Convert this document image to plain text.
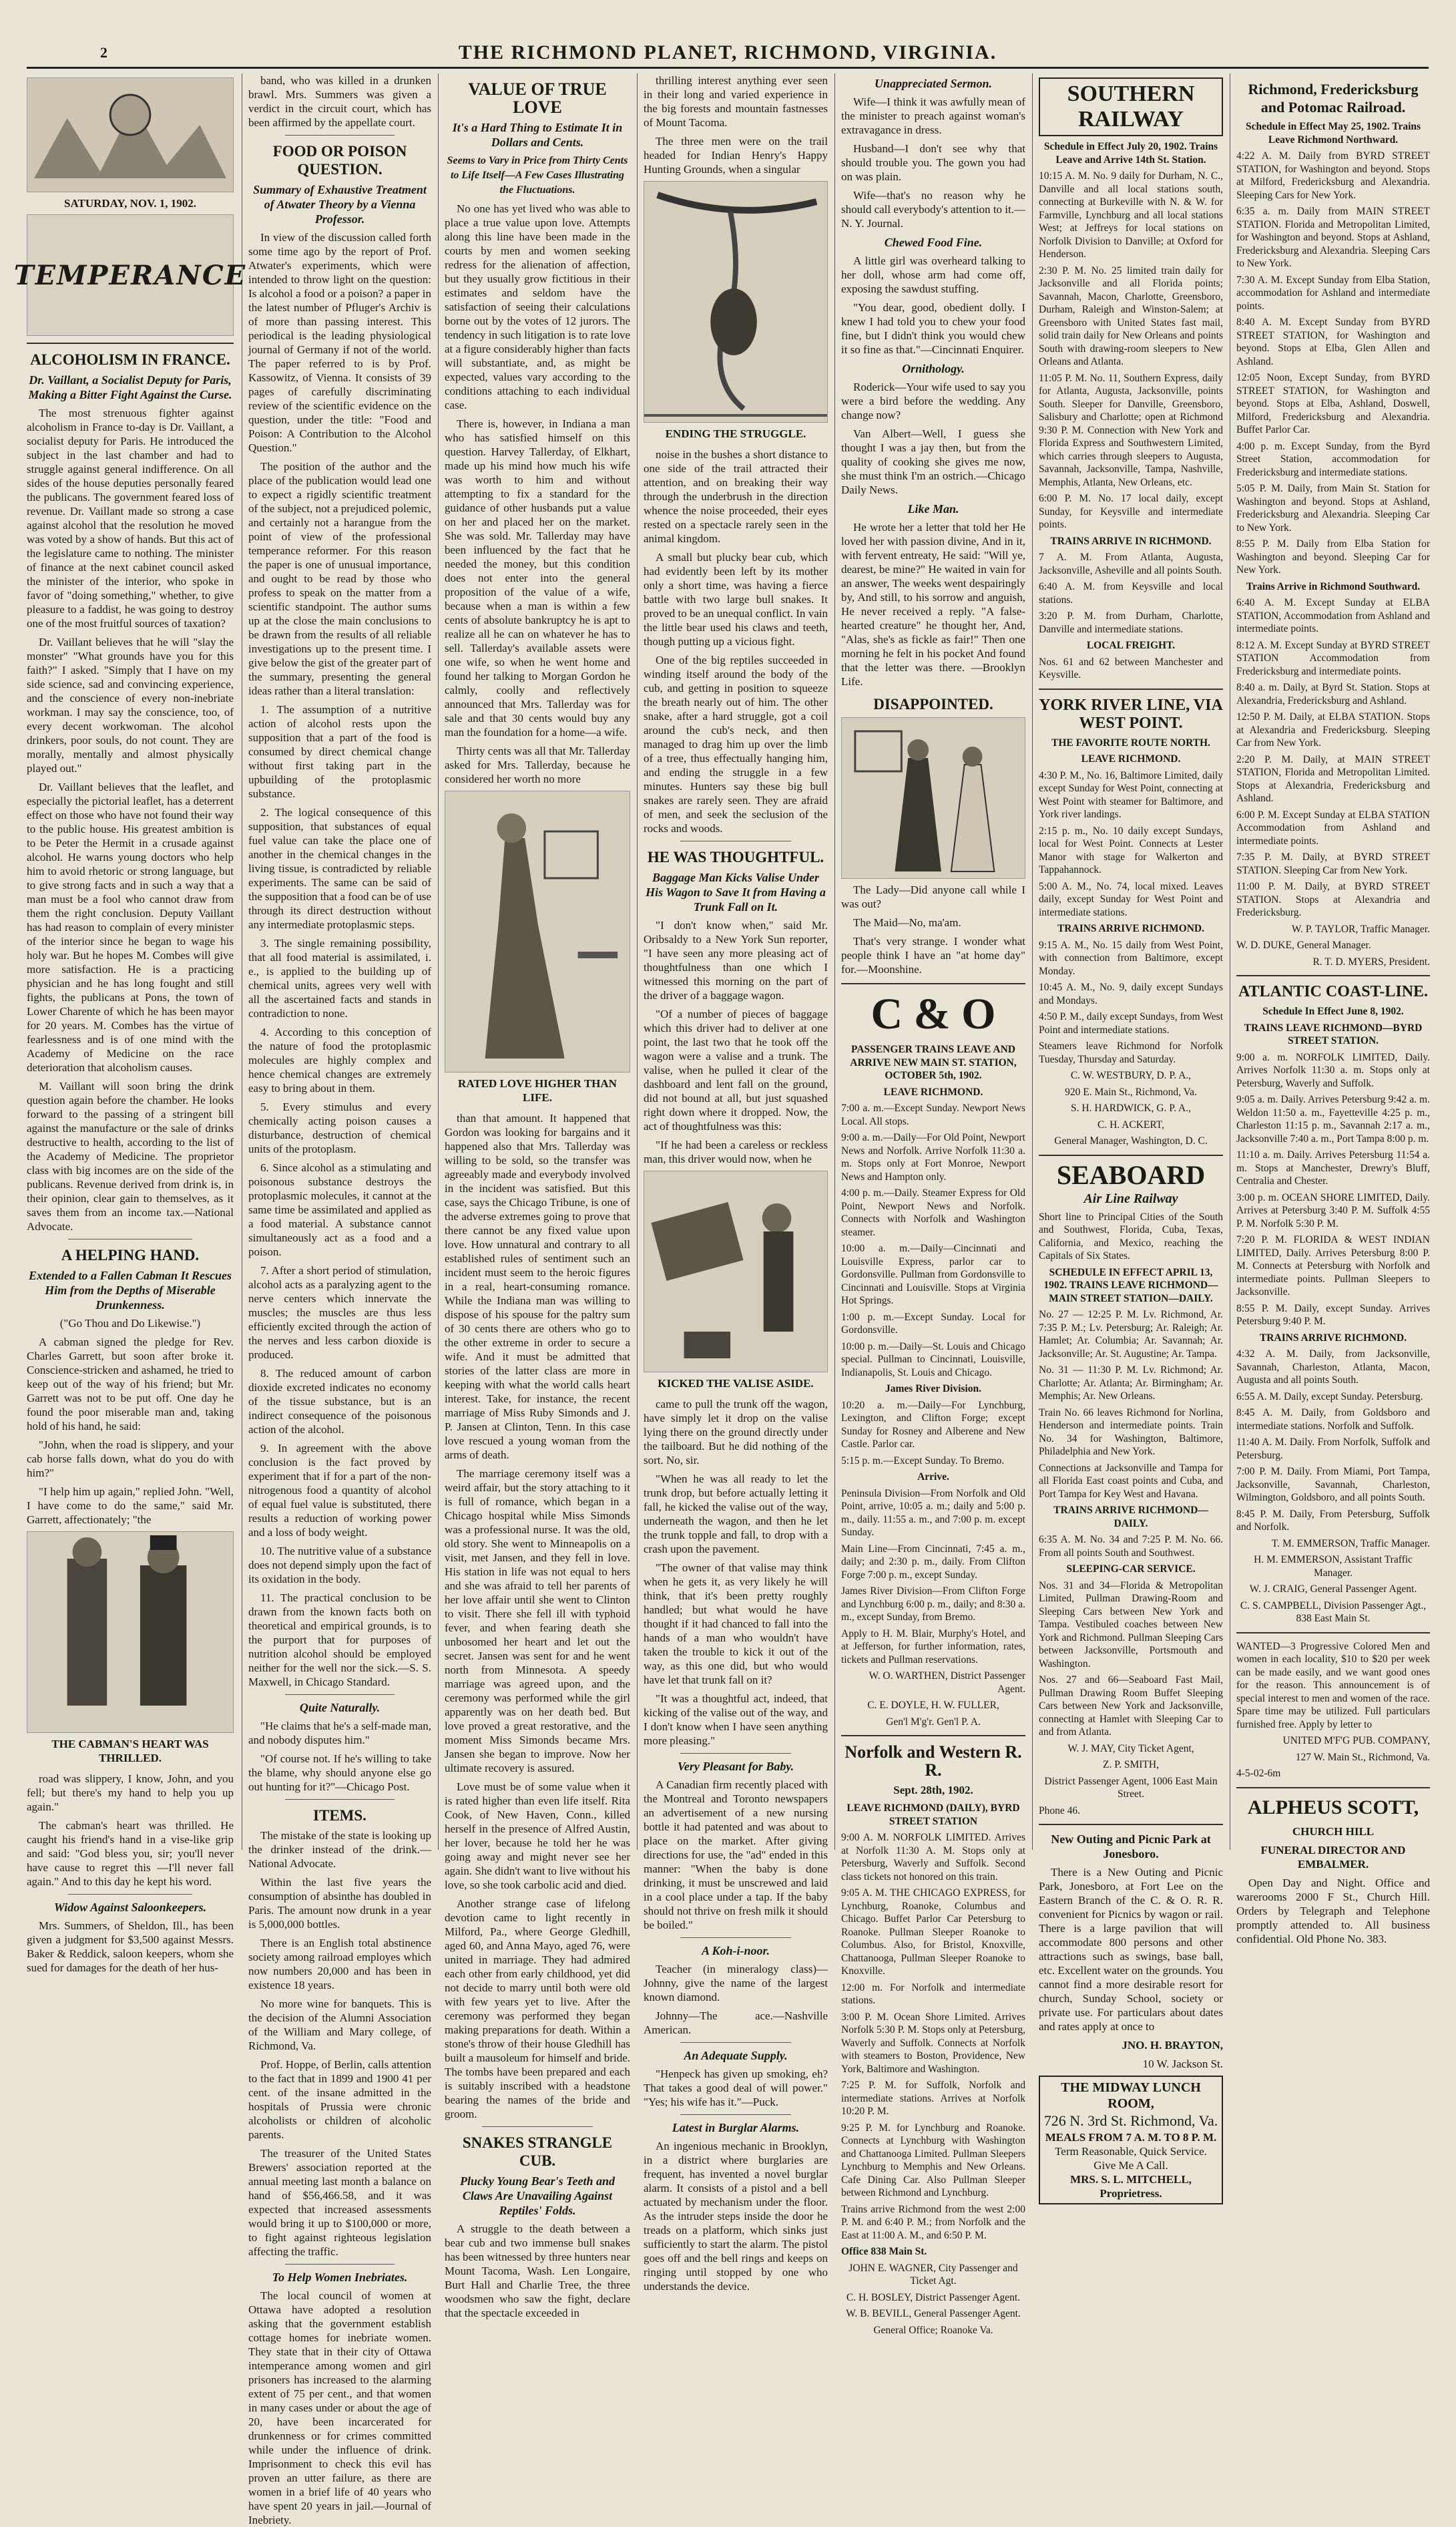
2	THE RICHMOND PLANET, RICHMOND, VIRGINIA.
SATURDAY, NOV. 1, 1902.
TEMPERANCE
ALCOHOLISM IN FRANCE.
Dr. Vaillant, a Socialist Deputy for Paris, Making a Bitter Fight Against the Curse.

The most strenuous fighter against alcoholism in France to-day is Dr. Vaillant, a socialist deputy for Paris. He introduced the subject in the last chamber and had to struggle against general indifference. On all sides of the house deputies personally feared the publicans. The government feared loss of revenue. Dr. Vaillant made so strong a case against alcohol that the resolution he moved was voted by a show of hands. But this act of the legislature came to nothing. The minister of finance at the next cabinet council asked the minister of the interior, who spoke in favor of "doing something," whether, to give pleasure to a faddist, he was going to destroy one of the most fruitful sources of taxation?

Dr. Vaillant believes that he will "slay the monster" "What grounds have you for this faith?" I asked. "Simply that I have on my side science, sad and convincing experience, and the conscience of every non-inebriate workman. I may say the conscience, too, of every decent workwoman. The alcohol drinkers, poor souls, do not count. They are morally, mentally and almost physically played out."

Dr. Vaillant believes that the leaflet, and especially the pictorial leaflet, has a deterrent effect on those who have not found their way to the public house. His greatest ambition is to be Peter the Hermit in a crusade against alcohol. He warns young doctors who help him to avoid rhetoric or strong language, but to give strong facts and in such a way that a man must be a fool who cannot draw from them the right conclusion. Deputy Vaillant has had reason to complain of every minister of the interior since he began to wage his holy war. But he hopes M. Combes will give more satisfaction. He is a practicing physician and he has long fought and still fights, the publicans at Pons, the town of Lower Charente of which he has been mayor for 20 years. M. Combes has the virtue of fearlessness and is of one mind with the Academy of Medicine on the race deterioration that alcoholism causes.

M. Vaillant will soon bring the drink question again before the chamber. He looks forward to the passing of a stringent bill against the manufacture or the sale of drinks destructive to health, according to the list of the Academy of Medicine. The proprietor class with big incomes are on the side of the publicans. Revenue derived from drink is, in their opinion, clear gain to themselves, as it saves them from an income tax.—National Advocate.

A HELPING HAND.
Extended to a Fallen Cabman It Rescues Him from the Depths of Miserable Drunkenness.

("Go Thou and Do Likewise.")

A cabman signed the pledge for Rev. Charles Garrett, but soon after broke it. Conscience-stricken and ashamed, he tried to keep out of the way of his friend; but Mr. Garrett was not to be put off. One day he found the poor miserable man and, taking hold of his hand, he said:

"John, when the road is slippery, and your cab horse falls down, what do you do with him?"

"I help him up again," replied John. "Well, I have come to do the same," said Mr. Garrett, affectionately; "the

THE CABMAN'S HEART WAS THRILLED.

road was slippery, I know, John, and you fell; but there's my hand to help you up again."

The cabman's heart was thrilled. He caught his friend's hand in a vise-like grip and said: "God bless you, sir; you'll never have cause to regret this —I'll never fall again." And to this day he kept his word.

Widow Against Saloonkeepers.

Mrs. Summers, of Sheldon, Ill., has been given a judgment for $3,500 against Messrs. Baker & Reddick, saloon keepers, whom she sued for damages for the death of her hus-

band, who was killed in a drunken brawl. Mrs. Summers was given a verdict in the circuit court, which has been affirmed by the appellate court.

FOOD OR POISON QUESTION.
Summary of Exhaustive Treatment of Atwater Theory by a Vienna Professor.

In view of the discussion called forth some time ago by the report of Prof. Atwater's experiments, which were intended to throw light on the question: Is alcohol a food or a poison? a paper in the latest number of Pfluger's Archiv is of more than passing interest. This periodical is the leading physiological journal of Germany if not of the world. The paper referred to is by Prof. Kassowitz, of Vienna. It consists of 39 pages of carefully discriminating review of the scientific evidence on the question, under the title: "Food and Poison: A Contribution to the Alcohol Question."

The position of the author and the place of the publication would lead one to expect a rigidly scientific treatment of the subject, not a prejudiced polemic, and certainly not a harangue from the point of view of the professional temperance reformer. For this reason the paper is one of unusual importance, and ought to be read by those who profess to speak on the matter from a scientific standpoint. The author sums up at the close the main conclusions to be drawn from the results of all reliable investigations up to the present time. I give below the gist of the greater part of the summary, presenting the general ideas rather than a literal translation:

1. The assumption of a nutritive action of alcohol rests upon the supposition that a part of the food is consumed by direct chemical change without first taking part in the upbuilding of the protoplasmic substance.

2. The logical consequence of this supposition, that substances of equal fuel value can take the place one of another in the chemical changes in the living tissue, is contradicted by reliable experiments. The same can be said of the supposition that a food can be of use through its direct destruction without any intermediate protoplasmic steps.

3. The single remaining possibility, that all food material is assimilated, i. e., is applied to the building up of chemical units, agrees very well with all the ascertained facts and stands in contradiction to none.

4. According to this conception of the nature of food the protoplasmic molecules are highly complex and hence chemical changes are extremely easy to bring about in them.

5. Every stimulus and every chemically acting poison causes a disturbance, destruction of chemical units of the protoplasm.

6. Since alcohol as a stimulating and poisonous substance destroys the protoplasmic molecules, it cannot at the same time be assimilated and applied as a food material. A substance cannot simultaneously act as a food and a poison.

7. After a short period of stimulation, alcohol acts as a paralyzing agent to the nerve centers which innervate the muscles; the muscles are thus less efficiently excited through the action of the nerves and less carbon dioxide is produced.

8. The reduced amount of carbon dioxide excreted indicates no economy of the tissue substance, but is an indirect consequence of the poisonous action of the alcohol.

9. In agreement with the above conclusion is the fact proved by experiment that if for a part of the non-nitrogenous food a quantity of alcohol of equal fuel value is substituted, there results a reduction of working power and a loss of body weight.

10. The nutritive value of a substance does not depend simply upon the fact of its oxidation in the body.

11. The practical conclusion to be drawn from the known facts both on theoretical and empirical grounds, is to the purport that for purposes of nutrition alcohol should be employed neither for the well nor the sick.—S. S. Maxwell, in Chicago Standard.

Quite Naturally.

"He claims that he's a self-made man, and nobody disputes him."

"Of course not. If he's willing to take the blame, why should anyone else go out hunting for it?"—Chicago Post.

ITEMS.

The mistake of the state is looking up the drinker instead of the drink.—National Advocate.

Within the last five years the consumption of absinthe has doubled in Paris. The amount now drunk in a year is 5,000,000 bottles.

There is an English total abstinence society among railroad employes which now numbers 20,000 and has been in existence 18 years.

No more wine for banquets. This is the decision of the Alumni Association of the William and Mary college, of Richmond, Va.

Prof. Hoppe, of Berlin, calls attention to the fact that in 1899 and 1900 41 per cent. of the insane admitted in the hospitals of Prussia were chronic alcoholists or children of alcoholic parents.

The treasurer of the United States Brewers' association reported at the annual meeting last month a balance on hand of $56,466.58, and it was expected that increased assessments would bring it up to $100,000 or more, to fight against righteous legislation affecting the traffic.

To Help Women Inebriates.

The local council of women at Ottawa have adopted a resolution asking that the government establish cottage homes for inebriate women. They state that in their city of Ottawa intemperance among women and girl prisoners has increased to the alarming extent of 75 per cent., and that women in many cases under or about the age of 20, have been incarcerated for drunkenness or for crimes committed while under the influence of drink. Imprisonment to check this evil has proven an utter failure, as there are women in a brief life of 40 years who have spent 20 years in jail.—Journal of Inebriety.

VALUE OF TRUE LOVE
It's a Hard Thing to Estimate It in Dollars and Cents.
Seems to Vary in Price from Thirty Cents to Life Itself—A Few Cases Illustrating the Fluctuations.

No one has yet lived who was able to place a true value upon love. Attempts along this line have been made in the courts by men and women seeking redress for the alienation of affection, but they usually grow fictitious in their estimates and seldom have the satisfaction of seeing their calculations borne out by the votes of 12 jurors. The tendency in such litigation is to rate love at a figure considerably higher than facts will substantiate, and, as might be expected, values vary according to the conditions attaching to each individual case.

There is, however, in Indiana a man who has satisfied himself on this question. Harvey Tallerday, of Elkhart, made up his mind how much his wife was worth to him and without attempting to fix a standard for the guidance of other husbands put a value on her and placed her on the market. She was sold. Mr. Tallerday may have been influenced by the fact that he needed the money, but this condition does not enter into the general proposition of the value of a wife, because when a man is within a few cents of absolute bankruptcy he is apt to realize all he can on whatever he has to sell. Tallerday's available assets were one wife, so when he went home and found her talking to Morgan Gordon he calmly, coolly and reflectively announced that Mrs. Tallerday was for sale and that 30 cents would buy any man the foundation for a home—a wife.

Thirty cents was all that Mr. Tallerday asked for Mrs. Tallerday, because he considered her worth no more

RATED LOVE HIGHER THAN LIFE.

than that amount. It happened that Gordon was looking for bargains and it happened also that Mrs. Tallerday was willing to be sold, so the transfer was agreeably made and everybody involved in the incident was satisfied. But this case, says the Chicago Tribune, is one of the adverse extremes going to prove that there cannot be any fixed value upon love. How unnatural and contrary to all established rules of sentiment such an incident must seem to the heroic figures in a real, heart-consuming romance. While the Indiana man was willing to dispose of his spouse for the paltry sum of 30 cents there are others who go to the other extreme in order to secure a wife. And it must be admitted that stories of the latter class are more in keeping with what the world calls heart interest. Take, for instance, the recent marriage of Miss Ruby Simonds and J. P. Jansen at Clinton, Tenn. In this case love rescued a young woman from the arms of death.

The marriage ceremony itself was a weird affair, but the story attaching to it is full of romance, which began in a Chicago hospital while Miss Simonds was a professional nurse. It was the old, old story. She went to Minneapolis on a visit, met Jansen, and they fell in love. His station in life was not equal to hers and she was afraid to tell her parents of her love affair until she went to Clinton to visit. There she fell ill with typhoid fever, and when fearing death she unbosomed her heart and let out the secret. Jansen was sent for and he went north from Minnesota. A speedy marriage was agreed upon, and the ceremony was performed while the girl apparently was on her death bed. But love proved a great restorative, and the moment Miss Simonds became Mrs. Jansen she began to improve. Now her ultimate recovery is assured.

Love must be of some value when it is rated higher than even life itself. Rita Cook, of New Haven, Conn., killed herself in the presence of Alfred Austin, her lover, because he told her he was going away and might never see her again. She didn't want to live without his love, so she took carbolic acid and died.

Another strange case of lifelong devotion came to light recently in Milford, Pa., where George Gledhill, aged 60, and Anna Mayo, aged 76, were united in marriage. They had admired each other from early childhood, yet did not decide to marry until both were old with few years yet to live. After the ceremony was performed they began making preparations for death. Within a stone's throw of their house Gledhill has built a mausoleum for himself and bride. The tombs have been prepared and each is suitably inscribed with a headstone bearing the names of the bride and groom.

SNAKES STRANGLE CUB.
Plucky Young Bear's Teeth and Claws Are Unavailing Against Reptiles' Folds.

A struggle to the death between a bear cub and two immense bull snakes has been witnessed by three hunters near Mount Tacoma, Wash. Len Longaire, Burt Hall and Charlie Tree, the three woodsmen who saw the fight, declare that the spectacle exceeded in

thrilling interest anything ever seen in their long and varied experience in the big forests and mountain fastnesses of Mount Tacoma.

The three men were on the trail headed for Indian Henry's Happy Hunting Grounds, when a singular

ENDING THE STRUGGLE.

noise in the bushes a short distance to one side of the trail attracted their attention, and on breaking their way through the underbrush in the direction whence the noise proceeded, their eyes rested on a spectacle rarely seen in the animal kingdom.

A small but plucky bear cub, which had evidently been left by its mother only a short time, was having a fierce battle with two large bull snakes. It proved to be an unequal conflict. In vain the little bear used his claws and teeth, though putting up a vicious fight.

One of the big reptiles succeeded in winding itself around the body of the cub, and getting in position to squeeze the breath nearly out of him. The other snake, after a hard struggle, got a coil around the cub's neck, and then managed to drag him up over the limb of a tree, thus effectually hanging him, and ending the struggle in a few minutes. Hunters say these big bull snakes are rarely seen. They are afraid of men, and seek the seclusion of the rocks and woods.

HE WAS THOUGHTFUL.
Baggage Man Kicks Valise Under His Wagon to Save It from Having a Trunk Fall on It.

"I don't know when," said Mr. Oribsaldy to a New York Sun reporter, "I have seen any more pleasing act of thoughtfulness than one which I witnessed this morning on the part of the driver of a baggage wagon.

"Of a number of pieces of baggage which this driver had to deliver at one point, the last two that he took off the wagon were a valise and a trunk. The valise, when he pulled it clear of the dashboard and lent fall on the ground, did not bound at all, but just squashed right down where it dropped. Now, the act of thoughtfulness was this:

"If he had been a careless or reckless man, this driver would now, when he

KICKED THE VALISE ASIDE.

came to pull the trunk off the wagon, have simply let it drop on the valise lying there on the ground directly under the tailboard. But he did nothing of the sort. No, sir.

"When he was all ready to let the trunk drop, but before actually letting it fall, he kicked the valise out of the way, underneath the wagon, and then he let the trunk topple and fall, to drop with a crash upon the pavement.

"The owner of that valise may think when he gets it, as very likely he will think, that it's been pretty roughly handled; but what would he have thought if it had chanced to fall into the hands of a man who wouldn't have taken the trouble to kick it out of the way, as this one did, but who would have let that trunk fall on it?

"It was a thoughtful act, indeed, that kicking of the valise out of the way, and I don't know when I have seen anything more pleasing."

Very Pleasant for Baby.

A Canadian firm recently placed with the Montreal and Toronto newspapers an advertisement of a new nursing bottle it had patented and was about to place on the market. After giving directions for use, the "ad" ended in this manner: "When the baby is done drinking, it must be unscrewed and laid in a cool place under a tap. If the baby should not thrive on fresh milk it should be boiled."

A Koh-i-noor.

Teacher (in mineralogy class)—Johnny, give the name of the largest known diamond.

Johnny—The ace.—Nashville American.

An Adequate Supply.

"Henpeck has given up smoking, eh? That takes a good deal of will power." "Yes; his wife has it."—Puck.

Latest in Burglar Alarms.

An ingenious mechanic in Brooklyn, in a district where burglaries are frequent, has invented a novel burglar alarm. It consists of a pistol and a bell actuated by mechanism under the floor. As the intruder steps inside the door he treads on a platform, which sinks just sufficiently to start the alarm. The pistol goes off and the bell rings and keeps on ringing until stopped by one who understands the device.

Unappreciated Sermon.

Wife—I think it was awfully mean of the minister to preach against woman's extravagance in dress.

Husband—I don't see why that should trouble you. The gown you had on was plain.

Wife—that's no reason why he should call everybody's attention to it.—N. Y. Journal.

Chewed Food Fine.

A little girl was overheard talking to her doll, whose arm had come off, exposing the sawdust stuffing.

"You dear, good, obedient dolly. I knew I had told you to chew your food fine, but I didn't think you would chew it so fine as that."—Cincinnati Enquirer.

Ornithology.

Roderick—Your wife used to say you were a bird before the wedding. Any change now?

Van Albert—Well, I guess she thought I was a jay then, but from the quality of cooking she gives me now, she must think I'm an ostrich.—Chicago Daily News.

Like Man.

He wrote her a letter that told her He loved her with passion divine, And in it, with fervent entreaty, He said: "Will ye, dearest, be mine?" He waited in vain for an answer, The weeks went despairingly by, And still, to his sorrow and anguish, He never received a reply. "A false-hearted creature" he thought her, And, "Alas, she's as fickle as fair!" Then one morning he felt in his pocket And found that the letter was there. —Brooklyn Life.

DISAPPOINTED.

The Lady—Did anyone call while I was out?

The Maid—No, ma'am.

That's very strange. I wonder what people think I have an "at home day" for.—Moonshine.

C & O

PASSENGER TRAINS LEAVE AND ARRIVE NEW MAIN ST. STATION, OCTOBER 5th, 1902.

LEAVE RICHMOND.

7:00 a. m.—Except Sunday. Newport News Local. All stops.

9:00 a. m.—Daily—For Old Point, Newport News and Norfolk. Arrive Norfolk 11:30 a. m. Stops only at Fort Monroe, Newport News and Hampton only.

4:00 p. m.—Daily. Steamer Express for Old Point, Newport News and Norfolk. Connects with Norfolk and Washington steamer.

10:00 a. m.—Daily—Cincinnati and Louisville Express, parlor car to Gordonsville. Pullman from Gordonsville to Cincinnati and Louisville. Stops at Virginia Hot Springs.

1:00 p. m.—Except Sunday. Local for Gordonsville.

10:00 p. m.—Daily—St. Louis and Chicago special. Pullman to Cincinnati, Louisville, Indianapolis, St. Louis and Chicago.

James River Division.

10:20 a. m.—Daily—For Lynchburg, Lexington, and Clifton Forge; except Sunday for Rosney and Alberene and New Castle. Parlor car.

5:15 p. m.—Except Sunday. To Bremo.

Arrive.

Peninsula Division—From Norfolk and Old Point, arrive, 10:05 a. m.; daily and 5:00 p. m., daily. 11:55 a. m., and 7:00 p. m. except Sunday.

Main Line—From Cincinnati, 7:45 a. m., daily; and 2:30 p. m., daily. From Clifton Forge 7:00 p. m., except Sunday.

James River Division—From Clifton Forge and Lynchburg 6:00 p. m., daily; and 8:30 a. m., except Sunday, from Bremo.

Apply to H. M. Blair, Murphy's Hotel, and at Jefferson, for further information, rates, tickets and Pullman reservations.

W. O. WARTHEN, District Passenger Agent.

C. E. DOYLE, H. W. FULLER,

Gen'l M'g'r. Gen'l P. A.

Norfolk and Western R. R.

Sept. 28th, 1902.

LEAVE RICHMOND (DAILY), BYRD STREET STATION

9:00 A. M. NORFOLK LIMITED. Arrives at Norfolk 11:30 A. M. Stops only at Petersburg, Waverly and Suffolk. Second class tickets not honored on this train.

9:05 A. M. THE CHICAGO EXPRESS, for Lynchburg, Roanoke, Columbus and Chicago. Buffet Parlor Car Petersburg to Roanoke. Pullman Sleeper Roanoke to Columbus. Also, for Bristol, Knoxville, Chattanooga, Pullman Sleeper Roanoke to Knoxville.

12:00 m. For Norfolk and intermediate stations.

3:00 P. M. Ocean Shore Limited. Arrives Norfolk 5:30 P. M. Stops only at Petersburg, Waverly and Suffolk. Connects at Norfolk with steamers to Boston, Providence, New York, Baltimore and Washington.

7:25 P. M. for Suffolk, Norfolk and intermediate stations. Arrives at Norfolk 10:20 P. M.

9:25 P. M. for Lynchburg and Roanoke. Connects at Lynchburg with Washington and Chattanooga Limited. Pullman Sleepers Lynchburg to Memphis and New Orleans. Cafe Dining Car. Also Pullman Sleeper between Richmond and Lynchburg.

Trains arrive Richmond from the west 2:00 P. M. and 6:40 P. M.; from Norfolk and the East at 11:00 A. M., and 6:50 P. M.

Office 838 Main St.

JOHN E. WAGNER, City Passenger and Ticket Agt.

C. H. BOSLEY, District Passenger Agent.

W. B. BEVILL, General Passenger Agent.

General Office; Roanoke Va.

SOUTHERN RAILWAY

Schedule in Effect July 20, 1902. Trains Leave and Arrive 14th St. Station.

10:15 A. M. No. 9 daily for Durham, N. C., Danville and all local stations south, connecting at Burkeville with N. & W. for Farmville, Lynchburg and all local stations West; at Jeffreys for local stations on Norfolk Division to Danville; at Oxford for Henderson.

2:30 P. M. No. 25 limited train daily for Jacksonville and all Florida points; Savannah, Macon, Charlotte, Greensboro, Durham, Raleigh and Winston-Salem; at Greensboro with United States fast mail, solid train daily for New Orleans and points South with drawing-room sleepers to New Orleans and Atlanta.

11:05 P. M. No. 11, Southern Express, daily for Atlanta, Augusta, Jacksonville, points South. Sleeper for Danville, Greensboro, Salisbury and Charlotte; open at Richmond 9:30 P. M. Connection with New York and Florida Express and Southwestern Limited, which carries through sleepers to Augusta, Savannah, Jacksonville, Tampa, Nashville, Memphis, Atlanta, New Orleans, etc.

6:00 P. M. No. 17 local daily, except Sunday, for Keysville and intermediate points.

TRAINS ARRIVE IN RICHMOND.

7 A. M. From Atlanta, Augusta, Jacksonville, Asheville and all points South.

6:40 A. M. from Keysville and local stations.

3:20 P. M. from Durham, Charlotte, Danville and intermediate stations.

LOCAL FREIGHT.

Nos. 61 and 62 between Manchester and Keysville.

YORK RIVER LINE, VIA WEST POINT.

THE FAVORITE ROUTE NORTH.

LEAVE RICHMOND.

4:30 P. M., No. 16, Baltimore Limited, daily except Sunday for West Point, connecting at West Point with steamer for Baltimore, and York river landings.

2:15 p. m., No. 10 daily except Sundays, local for West Point. Connects at Lester Manor with stage for Walkerton and Tappahannock.

5:00 A. M., No. 74, local mixed. Leaves daily, except Sunday for West Point and intermediate stations.

TRAINS ARRIVE RICHMOND.

9:15 A. M., No. 15 daily from West Point, with connection from Baltimore, except Monday.

10:45 A. M., No. 9, daily except Sundays and Mondays.

4:50 P. M., daily except Sundays, from West Point and intermediate stations.

Steamers leave Richmond for Norfolk Tuesday, Thursday and Saturday.

C. W. WESTBURY, D. P. A.,

920 E. Main St., Richmond, Va.

S. H. HARDWICK, G. P. A.,

C. H. ACKERT,

General Manager, Washington, D. C.

SEABOARD

Air Line Railway

Short line to Principal Cities of the South and Southwest, Florida, Cuba, Texas, California, and Mexico, reaching the Capitals of Six States.

SCHEDULE IN EFFECT APRIL 13, 1902. TRAINS LEAVE RICHMOND—MAIN STREET STATION—DAILY.

No. 27 — 12:25 P. M. Lv. Richmond, Ar. 7:35 P. M.; Lv. Petersburg; Ar. Raleigh; Ar. Hamlet; Ar. Columbia; Ar. Savannah; Ar. Jacksonville; Ar. St. Augustine; Ar. Tampa.

No. 31 — 11:30 P. M. Lv. Richmond; Ar. Charlotte; Ar. Atlanta; Ar. Birmingham; Ar. Memphis; Ar. New Orleans.

Train No. 66 leaves Richmond for Norlina, Henderson and intermediate points. Train No. 34 for Washington, Baltimore, Philadelphia and New York.

Connections at Jacksonville and Tampa for all Florida East coast points and Cuba, and Port Tampa for Key West and Havana.

TRAINS ARRIVE RICHMOND—DAILY.

6:35 A. M. No. 34 and 7:25 P. M. No. 66. From all points South and Southwest.

SLEEPING-CAR SERVICE.

Nos. 31 and 34—Florida & Metropolitan Limited, Pullman Drawing-Room and Sleeping Cars between New York and Tampa. Vestibuled coaches between New York and Richmond. Pullman Sleeping Cars between Jacksonville, Portsmouth and Washington.

Nos. 27 and 66—Seaboard Fast Mail, Pullman Drawing Room Buffet Sleeping Cars between New York and Jacksonville, connecting at Hamlet with Sleeping Car to and from Atlanta.

W. J. MAY, City Ticket Agent,

Z. P. SMITH,

District Passenger Agent, 1006 East Main Street.

Phone 46.

New Outing and Picnic Park at Jonesboro.

There is a New Outing and Picnic Park, Jonesboro, at Fort Lee on the Eastern Branch of the C. & O. R. R. convenient for Picnics by wagon or rail. There is a large pavilion that will accommodate 800 persons and other attractions such as swings, base ball, etc. Excellent water on the grounds. You cannot find a more desirable resort for church, Sunday School, society or private use. For particulars about dates and rates apply at once to

JNO. H. BRAYTON,

10 W. Jackson St.

THE MIDWAY LUNCH ROOM,
726 N. 3rd St. Richmond, Va.
MEALS FROM 7 A. M. TO 8 P. M.
Term Reasonable, Quick Service. Give Me A Call.
MRS. S. L. MITCHELL, Proprietress.
Richmond, Fredericksburg and Potomac Railroad.

Schedule in Effect May 25, 1902. Trains Leave Richmond Northward.

4:22 A. M. Daily from BYRD STREET STATION, for Washington and beyond. Stops at Milford, Fredericksburg and Alexandria. Sleeping Cars for New York.

6:35 a. m. Daily from MAIN STREET STATION. Florida and Metropolitan Limited, for Washington and beyond. Stops at Ashland, Fredericksburg and Alexandria. Sleeping Cars to New York.

7:30 A. M. Except Sunday from Elba Station, accommodation for Ashland and intermediate points.

8:40 A. M. Except Sunday from BYRD STREET STATION, for Washington and beyond. Stops at Elba, Glen Allen and Ashland.

12:05 Noon, Except Sunday, from BYRD STREET STATION, for Washington and beyond. Stops at Elba, Ashland, Doswell, Milford, Fredericksburg and Alexandria. Buffet Parlor Car.

4:00 p. m. Except Sunday, from the Byrd Street Station, accommodation for Fredericksburg and intermediate stations.

5:05 P. M. Daily, from Main St. Station for Washington and beyond. Stops at Ashland, Fredericksburg and Alexandria. Sleeping Car to New York.

8:55 P. M. Daily from Elba Station for Washington and beyond. Sleeping Car for New York.

Trains Arrive in Richmond Southward.

6:40 A. M. Except Sunday at ELBA STATION, Accommodation from Ashland and intermediate points.

8:12 A. M. Except Sunday at BYRD STREET STATION Accommodation from Fredericksburg and intermediate points.

8:40 a. m. Daily, at Byrd St. Station. Stops at Alexandria, Fredericksburg and Ashland.

12:50 P. M. Daily, at ELBA STATION. Stops at Alexandria and Fredericksburg. Sleeping Car from New York.

2:20 P. M. Daily, at MAIN STREET STATION, Florida and Metropolitan Limited. Stops at Alexandria, Fredericksburg and Ashland.

6:00 P. M. Except Sunday at ELBA STATION Accommodation from Ashland and intermediate points.

7:35 P. M. Daily, at BYRD STREET STATION. Sleeping Car from New York.

11:00 P. M. Daily, at BYRD STREET STATION. Stops at Alexandria and Fredericksburg.

W. P. TAYLOR, Traffic Manager.

W. D. DUKE, General Manager.

R. T. D. MYERS, President.

ATLANTIC COAST-LINE.

Schedule In Effect June 8, 1902.

TRAINS LEAVE RICHMOND—BYRD STREET STATION.

9:00 a. m. NORFOLK LIMITED, Daily. Arrives Norfolk 11:30 a. m. Stops only at Petersburg, Waverly and Suffolk.

9:05 a. m. Daily. Arrives Petersburg 9:42 a. m. Weldon 11:50 a. m., Fayetteville 4:25 p. m., Charleston 11:15 p. m., Savannah 2:17 a. m., Jacksonville 7:40 a. m., Port Tampa 8:00 p. m.

11:10 a. m. Daily. Arrives Petersburg 11:54 a. m. Stops at Manchester, Drewry's Bluff, Centralia and Chester.

3:00 p. m. OCEAN SHORE LIMITED, Daily. Arrives at Petersburg 3:40 P. M. Suffolk 4:55 P. M. Norfolk 5:30 P. M.

7:20 P. M. FLORIDA & WEST INDIAN LIMITED, Daily. Arrives Petersburg 8:00 P. M. Connects at Petersburg with Norfolk and intermediate points. Pullman Sleepers to Jacksonville.

8:55 P. M. Daily, except Sunday. Arrives Petersburg 9:40 P. M.

TRAINS ARRIVE RICHMOND.

4:32 A. M. Daily, from Jacksonville, Savannah, Charleston, Atlanta, Macon, Augusta and all points South.

6:55 A. M. Daily, except Sunday. Petersburg.

8:45 A. M. Daily, from Goldsboro and intermediate stations. Norfolk and Suffolk.

11:40 A. M. Daily. From Norfolk, Suffolk and Petersburg.

7:00 P. M. Daily. From Miami, Port Tampa, Jacksonville, Savannah, Charleston, Wilmington, Goldsboro, and all points South.

8:45 P. M. Daily, From Petersburg, Suffolk and Norfolk.

T. M. EMMERSON, Traffic Manager.

H. M. EMMERSON, Assistant Traffic Manager.

W. J. CRAIG, General Passenger Agent.

C. S. CAMPBELL, Division Passenger Agt., 838 East Main St.

WANTED—3 Progressive Colored Men and women in each locality, $10 to $20 per week can be made easily, and we want good ones for the reason. This announcement is of special interest to men and women of the race. Spare time may be utilized. Full particulars furnished free. Apply by letter to

UNITED M'F'G PUB. COMPANY,

127 W. Main St., Richmond, Va.

4-5-02-6m

ALPHEUS SCOTT,

CHURCH HILL

FUNERAL DIRECTOR AND EMBALMER.

Open Day and Night. Office and warerooms 2000 F St., Church Hill. Orders by Telegraph and Telephone promptly attended to. All business confidential. Old Phone No. 383.
